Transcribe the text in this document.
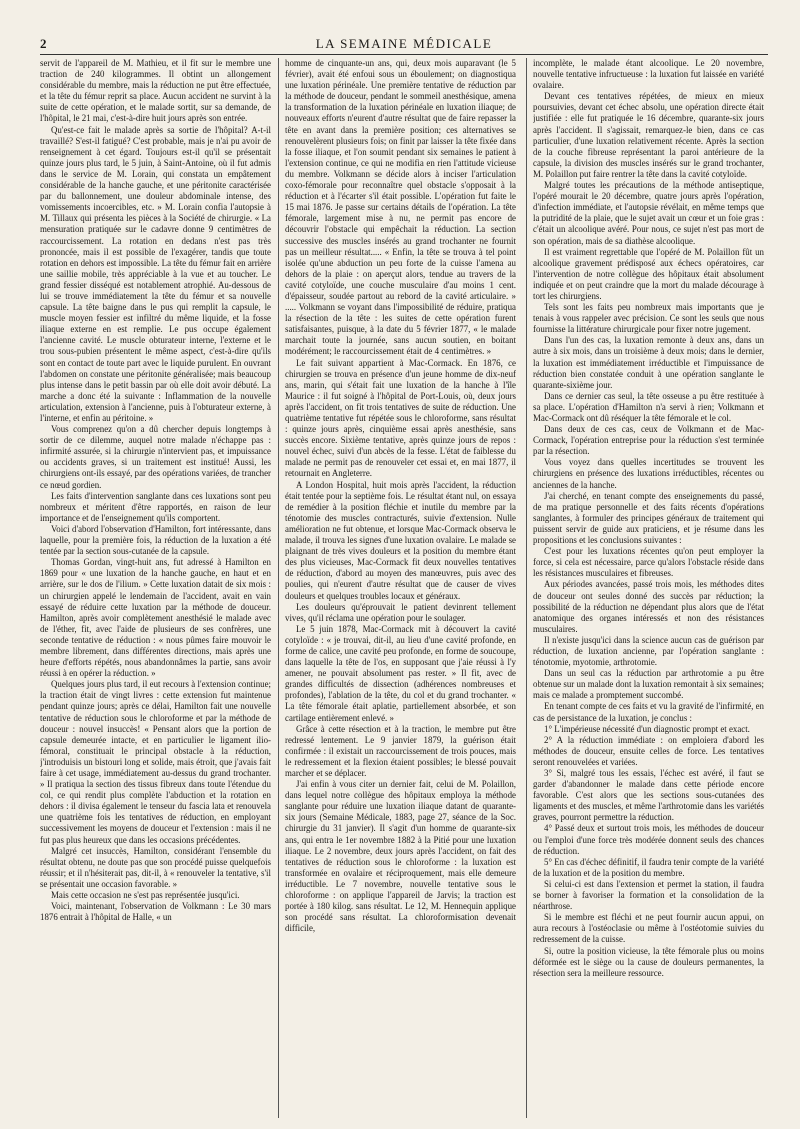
2	LA SEMAINE MÉDICALE

servit de l'appareil de M. Mathieu, et il fit sur le membre une traction de 240 kilogrammes. Il obtint un allongement considérable du membre, mais la réduction ne put être effectuée, et la tête du fémur reprit sa place. Aucun accident ne survint à la suite de cette opération, et le malade sortit, sur sa demande, de l'hôpital, le 21 mai, c'est-à-dire huit jours après son entrée.

Qu'est-ce fait le malade après sa sortie de l'hôpital? A-t-il travaillé? S'est-il fatigué? C'est probable, mais je n'ai pu avoir de renseignement à cet égard. Toujours est-il qu'il se présentait quinze jours plus tard, le 5 juin, à Saint-Antoine, où il fut admis dans le service de M. Lorain, qui constata un empâtement considérable de la hanche gauche, et une péritonite caractérisée par du ballonnement, une douleur abdominale intense, des vomissements incoercibles, etc. » M. Lorain confia l'autopsie à M. Tillaux qui présenta les pièces à la Société de chirurgie. « La mensuration pratiquée sur le cadavre donne 9 centimètres de raccourcissement. La rotation en dedans n'est pas très prononcée, mais il est possible de l'exagérer, tandis que toute rotation en dehors est impossible. La tête du fémur fait en arrière une saillie mobile, très appréciable à la vue et au toucher. Le grand fessier disséqué est notablement atrophié. Au-dessous de lui se trouve immédiatement la tête du fémur et sa nouvelle capsule. La tête baigne dans le pus qui remplit la capsule, le muscle moyen fessier est infiltré du même liquide, et la fosse iliaque externe en est remplie. Le pus occupe également l'ancienne cavité. Le muscle obturateur interne, l'externe et le trou sous-pubien présentent le même aspect, c'est-à-dire qu'ils sont en contact de toute part avec le liquide purulent. En ouvrant l'abdomen on constate une péritonite généralisée; mais beaucoup plus intense dans le petit bassin par où elle doit avoir débuté. La marche a donc été la suivante : Inflammation de la nouvelle articulation, extension à l'ancienne, puis à l'obturateur externe, à l'interne, et enfin au péritoine. »

Vous comprenez qu'on a dû chercher depuis longtemps à sortir de ce dilemme, auquel notre malade n'échappe pas : infirmité assurée, si la chirurgie n'intervient pas, et impuissance ou accidents graves, si un traitement est institué! Aussi, les chirurgiens ont-ils essayé, par des opérations variées, de trancher ce nœud gordien.

Les faits d'intervention sanglante dans ces luxations sont peu nombreux et méritent d'être rapportés, en raison de leur importance et de l'enseignement qu'ils comportent.

Voici d'abord l'observation d'Hamilton, fort intéressante, dans laquelle, pour la première fois, la réduction de la luxation a été tentée par la section sous-cutanée de la capsule.

Thomas Gordan, vingt-huit ans, fut adressé à Hamilton en 1869 pour « une luxation de la hanche gauche, en haut et en arrière, sur le dos de l'ilium. » Cette luxation datait de six mois : un chirurgien appelé le lendemain de l'accident, avait en vain essayé de réduire cette luxation par la méthode de douceur. Hamilton, après avoir complètement anesthésié le malade avec de l'éther, fit, avec l'aide de plusieurs de ses confrères, une seconde tentative de réduction : « nous pûmes faire mouvoir le membre librement, dans différentes directions, mais après une heure d'efforts répétés, nous abandonnâmes la partie, sans avoir réussi à en opérer la réduction. »

Quelques jours plus tard, il eut recours à l'extension continue; la traction était de vingt livres : cette extension fut maintenue pendant quinze jours; après ce délai, Hamilton fait une nouvelle tentative de réduction sous le chloroforme et par la méthode de douceur : nouvel insuccès! « Pensant alors que la portion de capsule demeurée intacte, et en particulier le ligament ilio-fémoral, constituait le principal obstacle à la réduction, j'introduisis un bistouri long et solide, mais étroit, que j'avais fait faire à cet usage, immédiatement au-dessus du grand trochanter. » Il pratiqua la section des tissus fibreux dans toute l'étendue du col, ce qui rendit plus complète l'abduction et la rotation en dehors : il divisa également le tenseur du fascia lata et renouvela une quatrième fois les tentatives de réduction, en employant successivement les moyens de douceur et l'extension : mais il ne fut pas plus heureux que dans les occasions précédentes.

Malgré cet insuccès, Hamilton, considérant l'ensemble du résultat obtenu, ne doute pas que son procédé puisse quelquefois réussir; et il n'hésiterait pas, dit-il, à « renouveler la tentative, s'il se présentait une occasion favorable. »

Mais cette occasion ne s'est pas représentée jusqu'ici.

Voici, maintenant, l'observation de Volkmann : Le 30 mars 1876 entrait à l'hôpital de Halle, « un

homme de cinquante-un ans, qui, deux mois auparavant (le 5 février), avait été enfoui sous un éboulement; on diagnostiqua une luxation périnéale. Une première tentative de réduction par la méthode de douceur, pendant le sommeil anesthésique, amena la transformation de la luxation périnéale en luxation iliaque; de nouveaux efforts n'eurent d'autre résultat que de faire repasser la tête en avant dans la première position; ces alternatives se renouvelèrent plusieurs fois; on finit par laisser la tête fixée dans la fosse iliaque, et l'on soumit pendant six semaines le patient à l'extension continue, ce qui ne modifia en rien l'attitude vicieuse du membre. Volkmann se décide alors à inciser l'articulation coxo-fémorale pour reconnaître quel obstacle s'opposait à la réduction et à l'écarter s'il était possible. L'opération fut faite le 15 mai 1876. Je passe sur certains détails de l'opération. La tête fémorale, largement mise à nu, ne permit pas encore de découvrir l'obstacle qui empêchait la réduction. La section successive des muscles insérés au grand trochanter ne fournit pas un meilleur résultat..... « Enfin, la tête se trouva à tel point isolée qu'une abduction un peu forte de la cuisse l'amena au dehors de la plaie : on aperçut alors, tendue au travers de la cavité cotyloïde, une couche musculaire d'au moins 1 cent. d'épaisseur, soudée partout au rebord de la cavité articulaire. » ..... Volkmann se voyant dans l'impossibilité de réduire, pratiqua la résection de la tête : les suites de cette opération furent satisfaisantes, puisque, à la date du 5 février 1877, « le malade marchait toute la journée, sans aucun soutien, en boitant modérément; le raccourcissement était de 4 centimètres. »

Le fait suivant appartient à Mac-Cormack. En 1876, ce chirurgien se trouva en présence d'un jeune homme de dix-neuf ans, marin, qui s'était fait une luxation de la hanche à l'île Maurice : il fut soigné à l'hôpital de Port-Louis, où, deux jours après l'accident, on fit trois tentatives de suite de réduction. Une quatrième tentative fut répétée sous le chloroforme, sans résultat : quinze jours après, cinquième essai après anesthésie, sans succès encore. Sixième tentative, après quinze jours de repos : nouvel échec, suivi d'un abcès de la fesse. L'état de faiblesse du malade ne permit pas de renouveler cet essai et, en mai 1877, il retournait en Angleterre.

A London Hospital, huit mois après l'accident, la réduction était tentée pour la septième fois. Le résultat étant nul, on essaya de remédier à la position fléchie et inutile du membre par la ténotomie des muscles contracturés, suivie d'extension. Nulle amélioration ne fut obtenue, et lorsque Mac-Cormack observa le malade, il trouva les signes d'une luxation ovalaire. Le malade se plaignant de très vives douleurs et la position du membre étant des plus vicieuses, Mac-Cormack fit deux nouvelles tentatives de réduction, d'abord au moyen des manœuvres, puis avec des poulies, qui n'eurent d'autre résultat que de causer de vives douleurs et quelques troubles locaux et généraux.

Les douleurs qu'éprouvait le patient devinrent tellement vives, qu'il réclama une opération pour le soulager.

Le 5 juin 1878, Mac-Cormack mit à découvert la cavité cotyloïde : « je trouvai, dit-il, au lieu d'une cavité profonde, en forme de calice, une cavité peu profonde, en forme de soucoupe, dans laquelle la tête de l'os, en supposant que j'aie réussi à l'y amener, ne pouvait absolument pas rester. » Il fit, avec de grandes difficultés de dissection (adhérences nombreuses et profondes), l'ablation de la tête, du col et du grand trochanter. « La tête fémorale était aplatie, partiellement absorbée, et son cartilage entièrement enlevé. »

Grâce à cette résection et à la traction, le membre put être redressé lentement. Le 9 janvier 1879, la guérison était confirmée : il existait un raccourcissement de trois pouces, mais le redressement et la flexion étaient possibles; le blessé pouvait marcher et se déplacer.

J'ai enfin à vous citer un dernier fait, celui de M. Polaillon, dans lequel notre collègue des hôpitaux employa la méthode sanglante pour réduire une luxation iliaque datant de quarante-six jours (Semaine Médicale, 1883, page 27, séance de la Soc. chirurgie du 31 janvier). Il s'agit d'un homme de quarante-six ans, qui entra le 1er novembre 1882 à la Pitié pour une luxation iliaque. Le 2 novembre, deux jours après l'accident, on fait des tentatives de réduction sous le chloroforme : la luxation est transformée en ovalaire et réciproquement, mais elle demeure irréductible. Le 7 novembre, nouvelle tentative sous le chloroforme : on applique l'appareil de Jarvis; la traction est portée à 180 kilog. sans résultat. Le 12, M. Hennequin applique son procédé sans résultat. La chloroformisation devenait difficile,

incomplète, le malade étant alcoolique. Le 20 novembre, nouvelle tentative infructueuse : la luxation fut laissée en variété ovalaire.

Devant ces tentatives répétées, de mieux en mieux poursuivies, devant cet échec absolu, une opération directe était justifiée : elle fut pratiquée le 16 décembre, quarante-six jours après l'accident. Il s'agissait, remarquez-le bien, dans ce cas particulier, d'une luxation relativement récente. Après la section de la couche fibreuse représentant la paroi antérieure de la capsule, la division des muscles insérés sur le grand trochanter, M. Polaillon put faire rentrer la tête dans la cavité cotyloïde.

Malgré toutes les précautions de la méthode antiseptique, l'opéré mourait le 20 décembre, quatre jours après l'opération, d'infection immédiate, et l'autopsie révélait, en même temps que la putridité de la plaie, que le sujet avait un cœur et un foie gras : c'était un alcoolique avéré. Pour nous, ce sujet n'est pas mort de son opération, mais de sa diathèse alcoolique.

Il est vraiment regrettable que l'opéré de M. Polaillon fût un alcoolique gravement prédisposé aux échecs opératoires, car l'intervention de notre collègue des hôpitaux était absolument indiquée et on peut craindre que la mort du malade décourage à tort les chirurgiens.

Tels sont les faits peu nombreux mais importants que je tenais à vous rappeler avec précision. Ce sont les seuls que nous fournisse la littérature chirurgicale pour fixer notre jugement.

Dans l'un des cas, la luxation remonte à deux ans, dans un autre à six mois, dans un troisième à deux mois; dans le dernier, la luxation est immédiatement irréductible et l'impuissance de réduction bien constatée conduit à une opération sanglante le quarante-sixième jour.

Dans ce dernier cas seul, la tête osseuse a pu être restituée à sa place. L'opération d'Hamilton n'a servi à rien; Volkmann et Mac-Cormack ont dû réséquer la tête fémorale et le col.

Dans deux de ces cas, ceux de Volkmann et de Mac-Cormack, l'opération entreprise pour la réduction s'est terminée par la résection.

Vous voyez dans quelles incertitudes se trouvent les chirurgiens en présence des luxations irréductibles, récentes ou anciennes de la hanche.

J'ai cherché, en tenant compte des enseignements du passé, de ma pratique personnelle et des faits récents d'opérations sanglantes, à formuler des principes généraux de traitement qui puissent servir de guide aux praticiens, et je résume dans les propositions et les conclusions suivantes :

C'est pour les luxations récentes qu'on peut employer la force, si cela est nécessaire, parce qu'alors l'obstacle réside dans les résistances musculaires et fibreuses.

Aux périodes avancées, passé trois mois, les méthodes dites de douceur ont seules donné des succès par réduction; la possibilité de la réduction ne dépendant plus alors que de l'état anatomique des organes intéressés et non des résistances musculaires.

Il n'existe jusqu'ici dans la science aucun cas de guérison par réduction, de luxation ancienne, par l'opération sanglante : ténotomie, myotomie, arthrotomie.

Dans un seul cas la réduction par arthrotomie a pu être obtenue sur un malade dont la luxation remontait à six semaines; mais ce malade a promptement succombé.

En tenant compte de ces faits et vu la gravité de l'infirmité, en cas de persistance de la luxation, je conclus :

1° L'impérieuse nécessité d'un diagnostic prompt et exact.

2° A la réduction immédiate : on emploiera d'abord les méthodes de douceur, ensuite celles de force. Les tentatives seront renouvelées et variées.

3° Si, malgré tous les essais, l'échec est avéré, il faut se garder d'abandonner le malade dans cette période encore favorable. C'est alors que les sections sous-cutanées des ligaments et des muscles, et même l'arthrotomie dans les variétés graves, pourront permettre la réduction.

4° Passé deux et surtout trois mois, les méthodes de douceur ou l'emploi d'une force très modérée donnent seuls des chances de réduction.

5° En cas d'échec définitif, il faudra tenir compte de la variété de la luxation et de la position du membre.

Si celui-ci est dans l'extension et permet la station, il faudra se borner à favoriser la formation et la consolidation de la néarthrose.

Si le membre est fléchi et ne peut fournir aucun appui, on aura recours à l'ostéoclasie ou même à l'ostéotomie suivies du redressement de la cuisse.

Si, outre la position vicieuse, la tête fémorale plus ou moins déformée est le siège ou la cause de douleurs permanentes, la résection sera la meilleure ressource.
